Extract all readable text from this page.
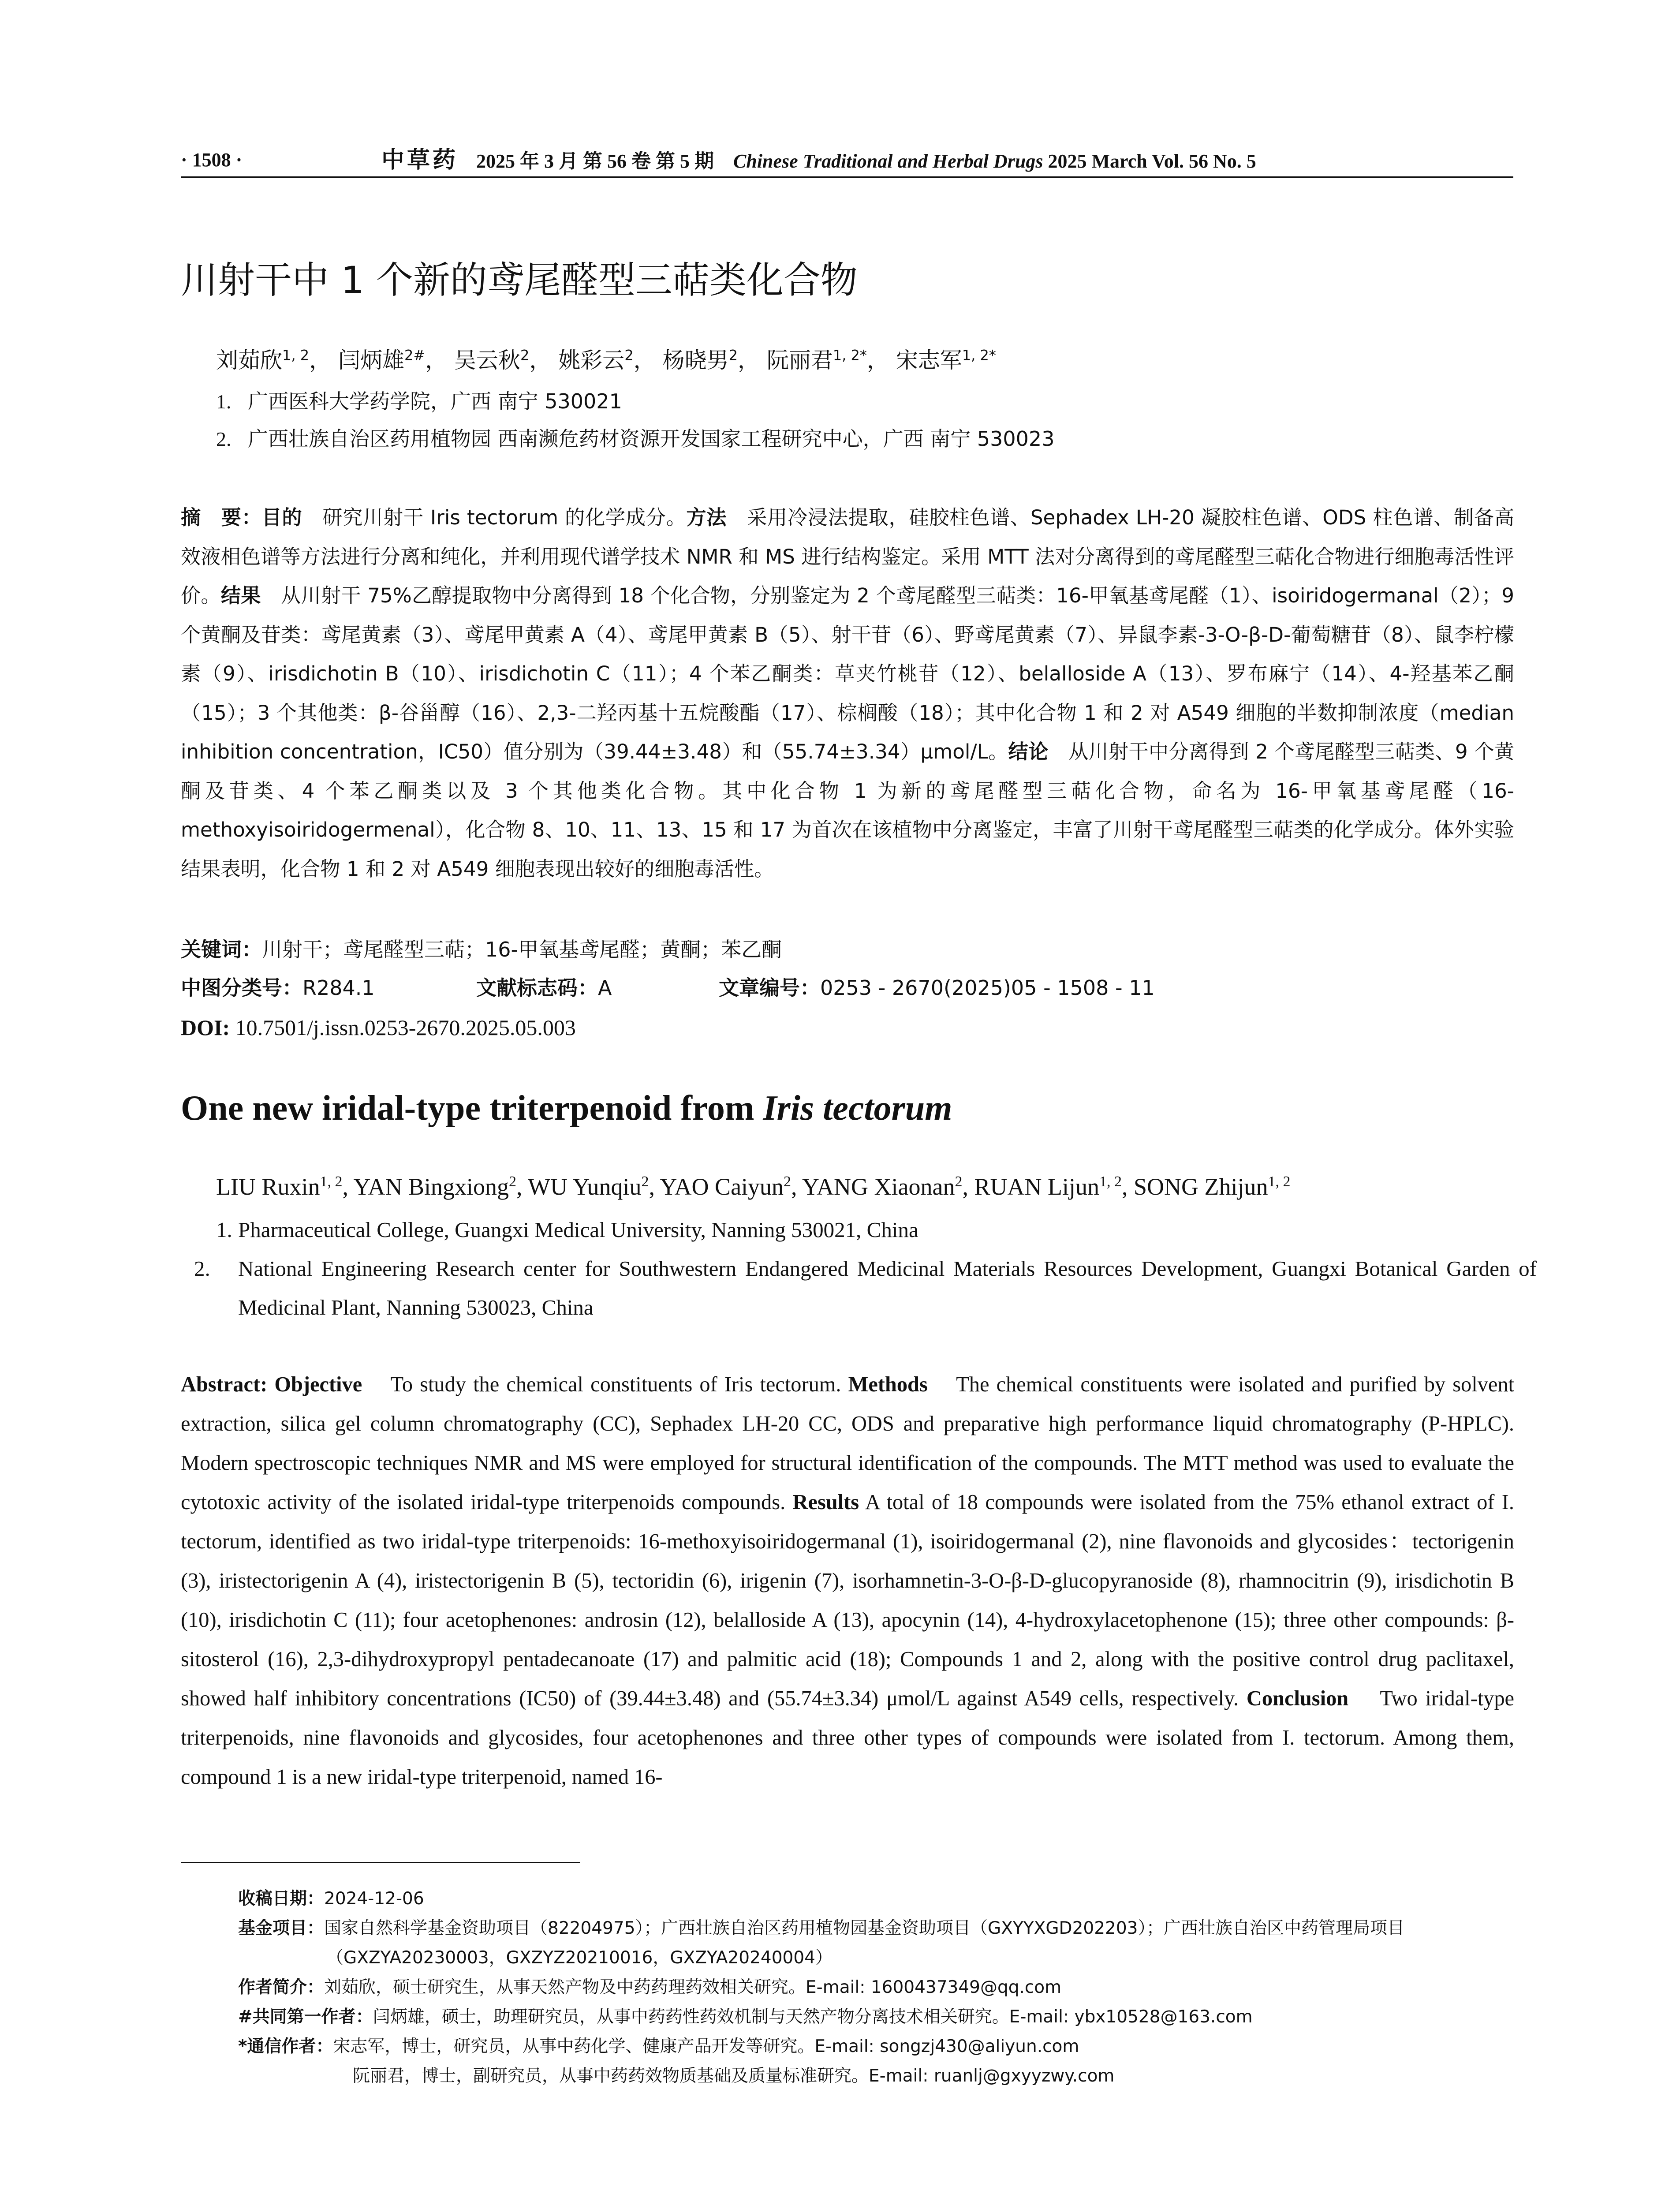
· 1508 ·	中草药 2025 年 3 月 第 56 卷 第 5 期 Chinese Traditional and Herbal Drugs 2025 March Vol. 56 No. 5
川射干中 1 个新的鸢尾醛型三萜类化合物
刘茹欣$^{1, 2}$， 闫炳雄$^{2\#}$， 吴云秋$^2$， 姚彩云$^2$， 杨晓男$^2$， 阮丽君$^{1, 2*}$， 宋志军$^{1, 2*}$
1. 广西医科大学药学院，广西 南宁 530021
2. 广西壮族自治区药用植物园 西南濒危药材资源开发国家工程研究中心，广西 南宁 530023
摘　要：目的　研究川射干 Iris tectorum 的化学成分。方法　采用冷浸法提取，硅胶柱色谱、Sephadex LH-20 凝胶柱色谱、ODS 柱色谱、制备高效液相色谱等方法进行分离和纯化，并利用现代谱学技术 NMR 和 MS 进行结构鉴定。采用 MTT 法对分离得到的鸢尾醛型三萜化合物进行细胞毒活性评价。结果　从川射干 75%乙醇提取物中分离得到 18 个化合物，分别鉴定为 2 个鸢尾醛型三萜类：16-甲氧基鸢尾醛（1）、isoiridogermanal（2）；9 个黄酮及苷类：鸢尾黄素（3）、鸢尾甲黄素 A（4）、鸢尾甲黄素 B（5）、射干苷（6）、野鸢尾黄素（7）、异鼠李素-3-O-β-D-葡萄糖苷（8）、鼠李柠檬素（9）、irisdichotin B（10）、irisdichotin C（11）；4 个苯乙酮类：草夹竹桃苷（12）、belalloside A（13）、罗布麻宁（14）、4-羟基苯乙酮（15）；3 个其他类：β-谷甾醇（16）、2,3-二羟丙基十五烷酸酯（17）、棕榈酸（18）；其中化合物 1 和 2 对 A549 细胞的半数抑制浓度（median inhibition concentration，IC50）值分别为（39.44±3.48）和（55.74±3.34）μmol/L。结论　从川射干中分离得到 2 个鸢尾醛型三萜类、9 个黄酮及苷类、4 个苯乙酮类以及 3 个其他类化合物。其中化合物 1 为新的鸢尾醛型三萜化合物，命名为 16-甲氧基鸢尾醛（16-methoxyisoiridogermenal），化合物 8、10、11、13、15 和 17 为首次在该植物中分离鉴定，丰富了川射干鸢尾醛型三萜类的化学成分。体外实验结果表明，化合物 1 和 2 对 A549 细胞表现出较好的细胞毒活性。
关键词：川射干；鸢尾醛型三萜；16-甲氧基鸢尾醛；黄酮；苯乙酮
中图分类号： R284.1	文献标志码： A	文章编号： 0253 - 2670(2025)05 - 1508 - 11
DOI: 10.7501/j.issn.0253-2670.2025.05.003
One new iridal-type triterpenoid from Iris tectorum
LIU Ruxin$^{1, 2}$, YAN Bingxiong$^2$, WU Yunqiu$^2$, YAO Caiyun$^2$, YANG Xiaonan$^2$, RUAN Lijun$^{1, 2}$, SONG Zhijun$^{1, 2}$
1. Pharmaceutical College, Guangxi Medical University, Nanning 530021, China
2. National Engineering Research center for Southwestern Endangered Medicinal Materials Resources Development, Guangxi Botanical Garden of Medicinal Plant, Nanning 530023, China
Abstract: Objective To study the chemical constituents of Iris tectorum. Methods The chemical constituents were isolated and purified by solvent extraction, silica gel column chromatography (CC), Sephadex LH-20 CC, ODS and preparative high performance liquid chromatography (P-HPLC). Modern spectroscopic techniques NMR and MS were employed for structural identification of the compounds. The MTT method was used to evaluate the cytotoxic activity of the isolated iridal-type triterpenoids compounds. Results A total of 18 compounds were isolated from the 75% ethanol extract of I. tectorum, identified as two iridal-type triterpenoids: 16-methoxyisoiridogermanal (1), isoiridogermanal (2), nine flavonoids and glycosides：tectorigenin (3), iristectorigenin A (4), iristectorigenin B (5), tectoridin (6), irigenin (7), isorhamnetin-3-O-β-D-glucopyranoside (8), rhamnocitrin (9), irisdichotin B (10), irisdichotin C (11); four acetophenones: androsin (12), belalloside A (13), apocynin (14), 4-hydroxylacetophenone (15); three other compounds: β-sitosterol (16), 2,3-dihydroxypropyl pentadecanoate (17) and palmitic acid (18); Compounds 1 and 2, along with the positive control drug paclitaxel, showed half inhibitory concentrations (IC50) of (39.44±3.48) and (55.74±3.34) μmol/L against A549 cells, respectively. Conclusion Two iridal-type triterpenoids, nine flavonoids and glycosides, four acetophenones and three other types of compounds were isolated from I. tectorum. Among them, compound 1 is a new iridal-type triterpenoid, named 16-
收稿日期：2024-12-06
基金项目：国家自然科学基金资助项目（82204975）；广西壮族自治区药用植物园基金资助项目（GXYYXGD202203）；广西壮族自治区中药管理局项目（GXZYA20230003，GXZYZ20210016，GXZYA20240004）
作者简介：刘茹欣，硕士研究生，从事天然产物及中药药理药效相关研究。E-mail: 1600437349@qq.com
#共同第一作者：闫炳雄，硕士，助理研究员，从事中药药性药效机制与天然产物分离技术相关研究。E-mail: ybx10528@163.com
*通信作者：宋志军，博士，研究员，从事中药化学、健康产品开发等研究。E-mail: songzj430@aliyun.com
阮丽君，博士，副研究员，从事中药药效物质基础及质量标准研究。E-mail: ruanlj@gxyyzwy.com
